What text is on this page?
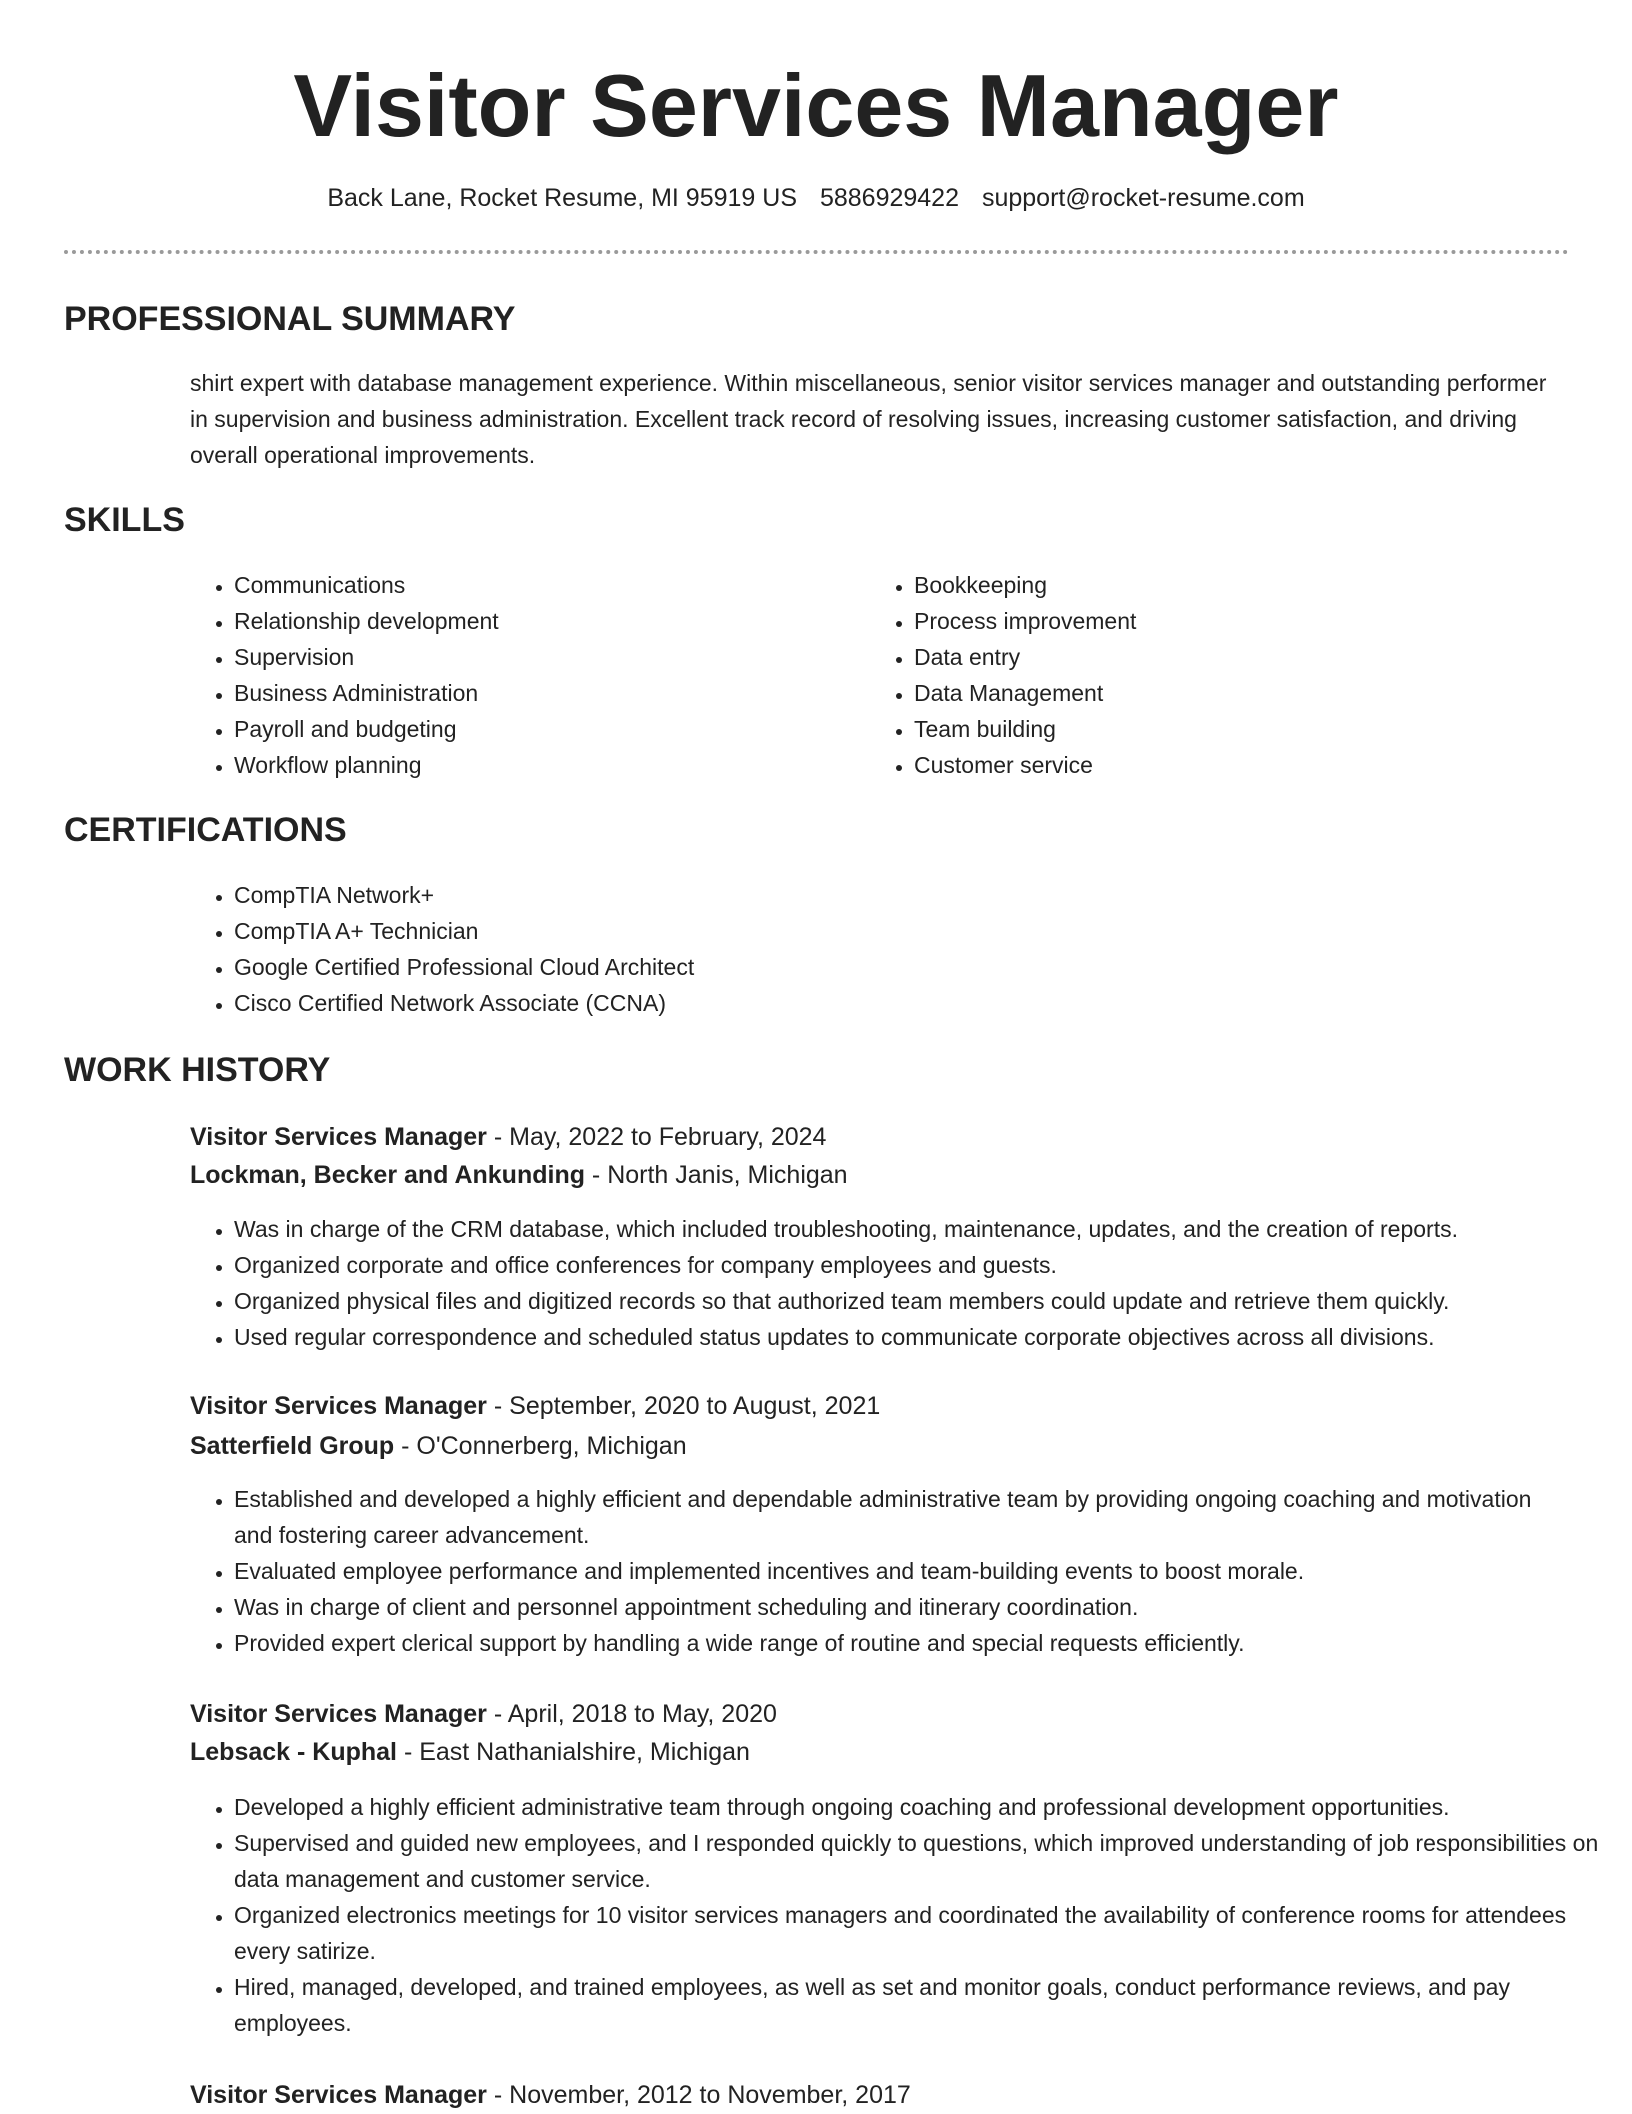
Visitor Services Manager
Back Lane, Rocket Resume, MI 95919 US 5886929422 support@rocket-resume.com
PROFESSIONAL SUMMARY

shirt expert with database management experience. Within miscellaneous, senior visitor services manager and outstanding performer in supervision and business administration. Excellent track record of resolving issues, increasing customer satisfaction, and driving overall operational improvements.

SKILLS
• Communications
• Relationship development
• Supervision
• Business Administration
• Payroll and budgeting
• Workflow planning
• Bookkeeping
• Process improvement
• Data entry
• Data Management
• Team building
• Customer service
CERTIFICATIONS
• CompTIA Network+
• CompTIA A+ Technician
• Google Certified Professional Cloud Architect
• Cisco Certified Network Associate (CCNA)
WORK HISTORY
Visitor Services Manager - May, 2022 to February, 2024
Lockman, Becker and Ankunding - North Janis, Michigan
• Was in charge of the CRM database, which included troubleshooting, maintenance, updates, and the creation of reports.
• Organized corporate and office conferences for company employees and guests.
• Organized physical files and digitized records so that authorized team members could update and retrieve them quickly.
• Used regular correspondence and scheduled status updates to communicate corporate objectives across all divisions.
Visitor Services Manager - September, 2020 to August, 2021
Satterfield Group - O'Connerberg, Michigan
• Established and developed a highly efficient and dependable administrative team by providing ongoing coaching and motivation and fostering career advancement.
• Evaluated employee performance and implemented incentives and team-building events to boost morale.
• Was in charge of client and personnel appointment scheduling and itinerary coordination.
• Provided expert clerical support by handling a wide range of routine and special requests efficiently.
Visitor Services Manager - April, 2018 to May, 2020
Lebsack - Kuphal - East Nathanialshire, Michigan
• Developed a highly efficient administrative team through ongoing coaching and professional development opportunities.
• Supervised and guided new employees, and I responded quickly to questions, which improved understanding of job responsibilities on data management and customer service.
• Organized electronics meetings for 10 visitor services managers and coordinated the availability of conference rooms for attendees every satirize.
• Hired, managed, developed, and trained employees, as well as set and monitor goals, conduct performance reviews, and pay employees.
Visitor Services Manager - November, 2012 to November, 2017
